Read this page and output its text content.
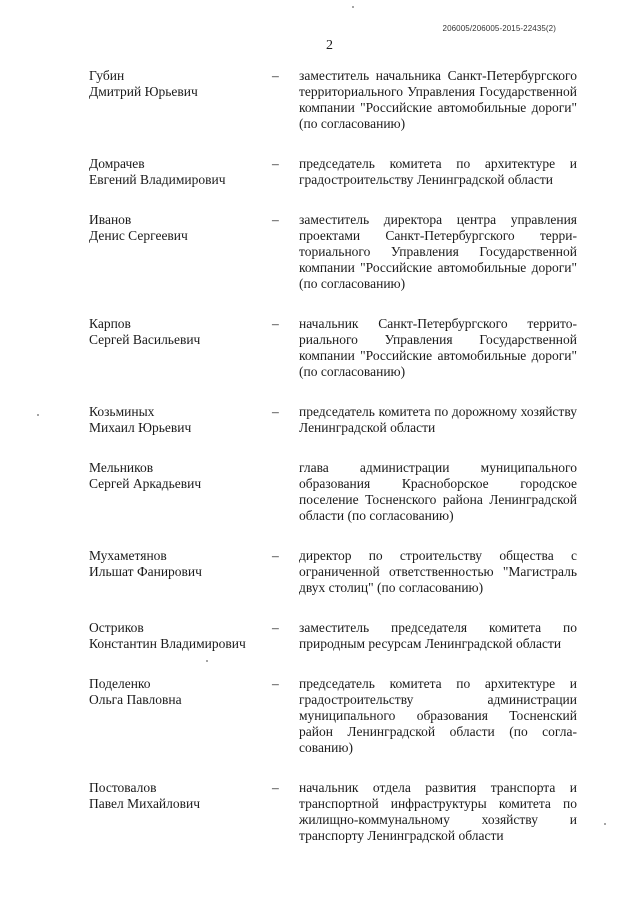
206005/206005-2015-22435(2)
2
Губин
Дмитрий Юрьевич
– заместитель начальника Санкт-Петербургского территориального Управления Государственной компании "Российские автомобильные дороги" (по согласованию)
Домрачев
Евгений Владимирович
– председатель комитета по архитектуре и градостроительству Ленинградской области
Иванов
Денис Сергеевич
– заместитель директора центра управления проектами Санкт-Петербургского территориального Управления Государственной компании "Российские автомобильные дороги" (по согласованию)
Карпов
Сергей Васильевич
– начальник Санкт-Петербургского территориального Управления Государственной компании "Российские автомобильные дороги" (по согласованию)
Козьминых
Михаил Юрьевич
– председатель комитета по дорожному хозяйству Ленинградской области
Мельников
Сергей Аркадьевич
глава администрации муниципального образования Красноборское городское поселение Тосненского района Ленинградской области (по согласованию)
Мухаметянов
Ильшат Фанирович
– директор по строительству общества с ограниченной ответственностью "Магистраль двух столиц" (по согласованию)
Остриков
Константин Владимирович
– заместитель председателя комитета по природным ресурсам Ленинградской области
Поделенко
Ольга Павловна
– председатель комитета по архитектуре и градостроительству администрации муниципального образования Тосненский район Ленинградской области (по согласованию)
Постовалов
Павел Михайлович
– начальник отдела развития транспорта и транспортной инфраструктуры комитета по жилищно-коммунальному хозяйству и транспорту Ленинградской области
